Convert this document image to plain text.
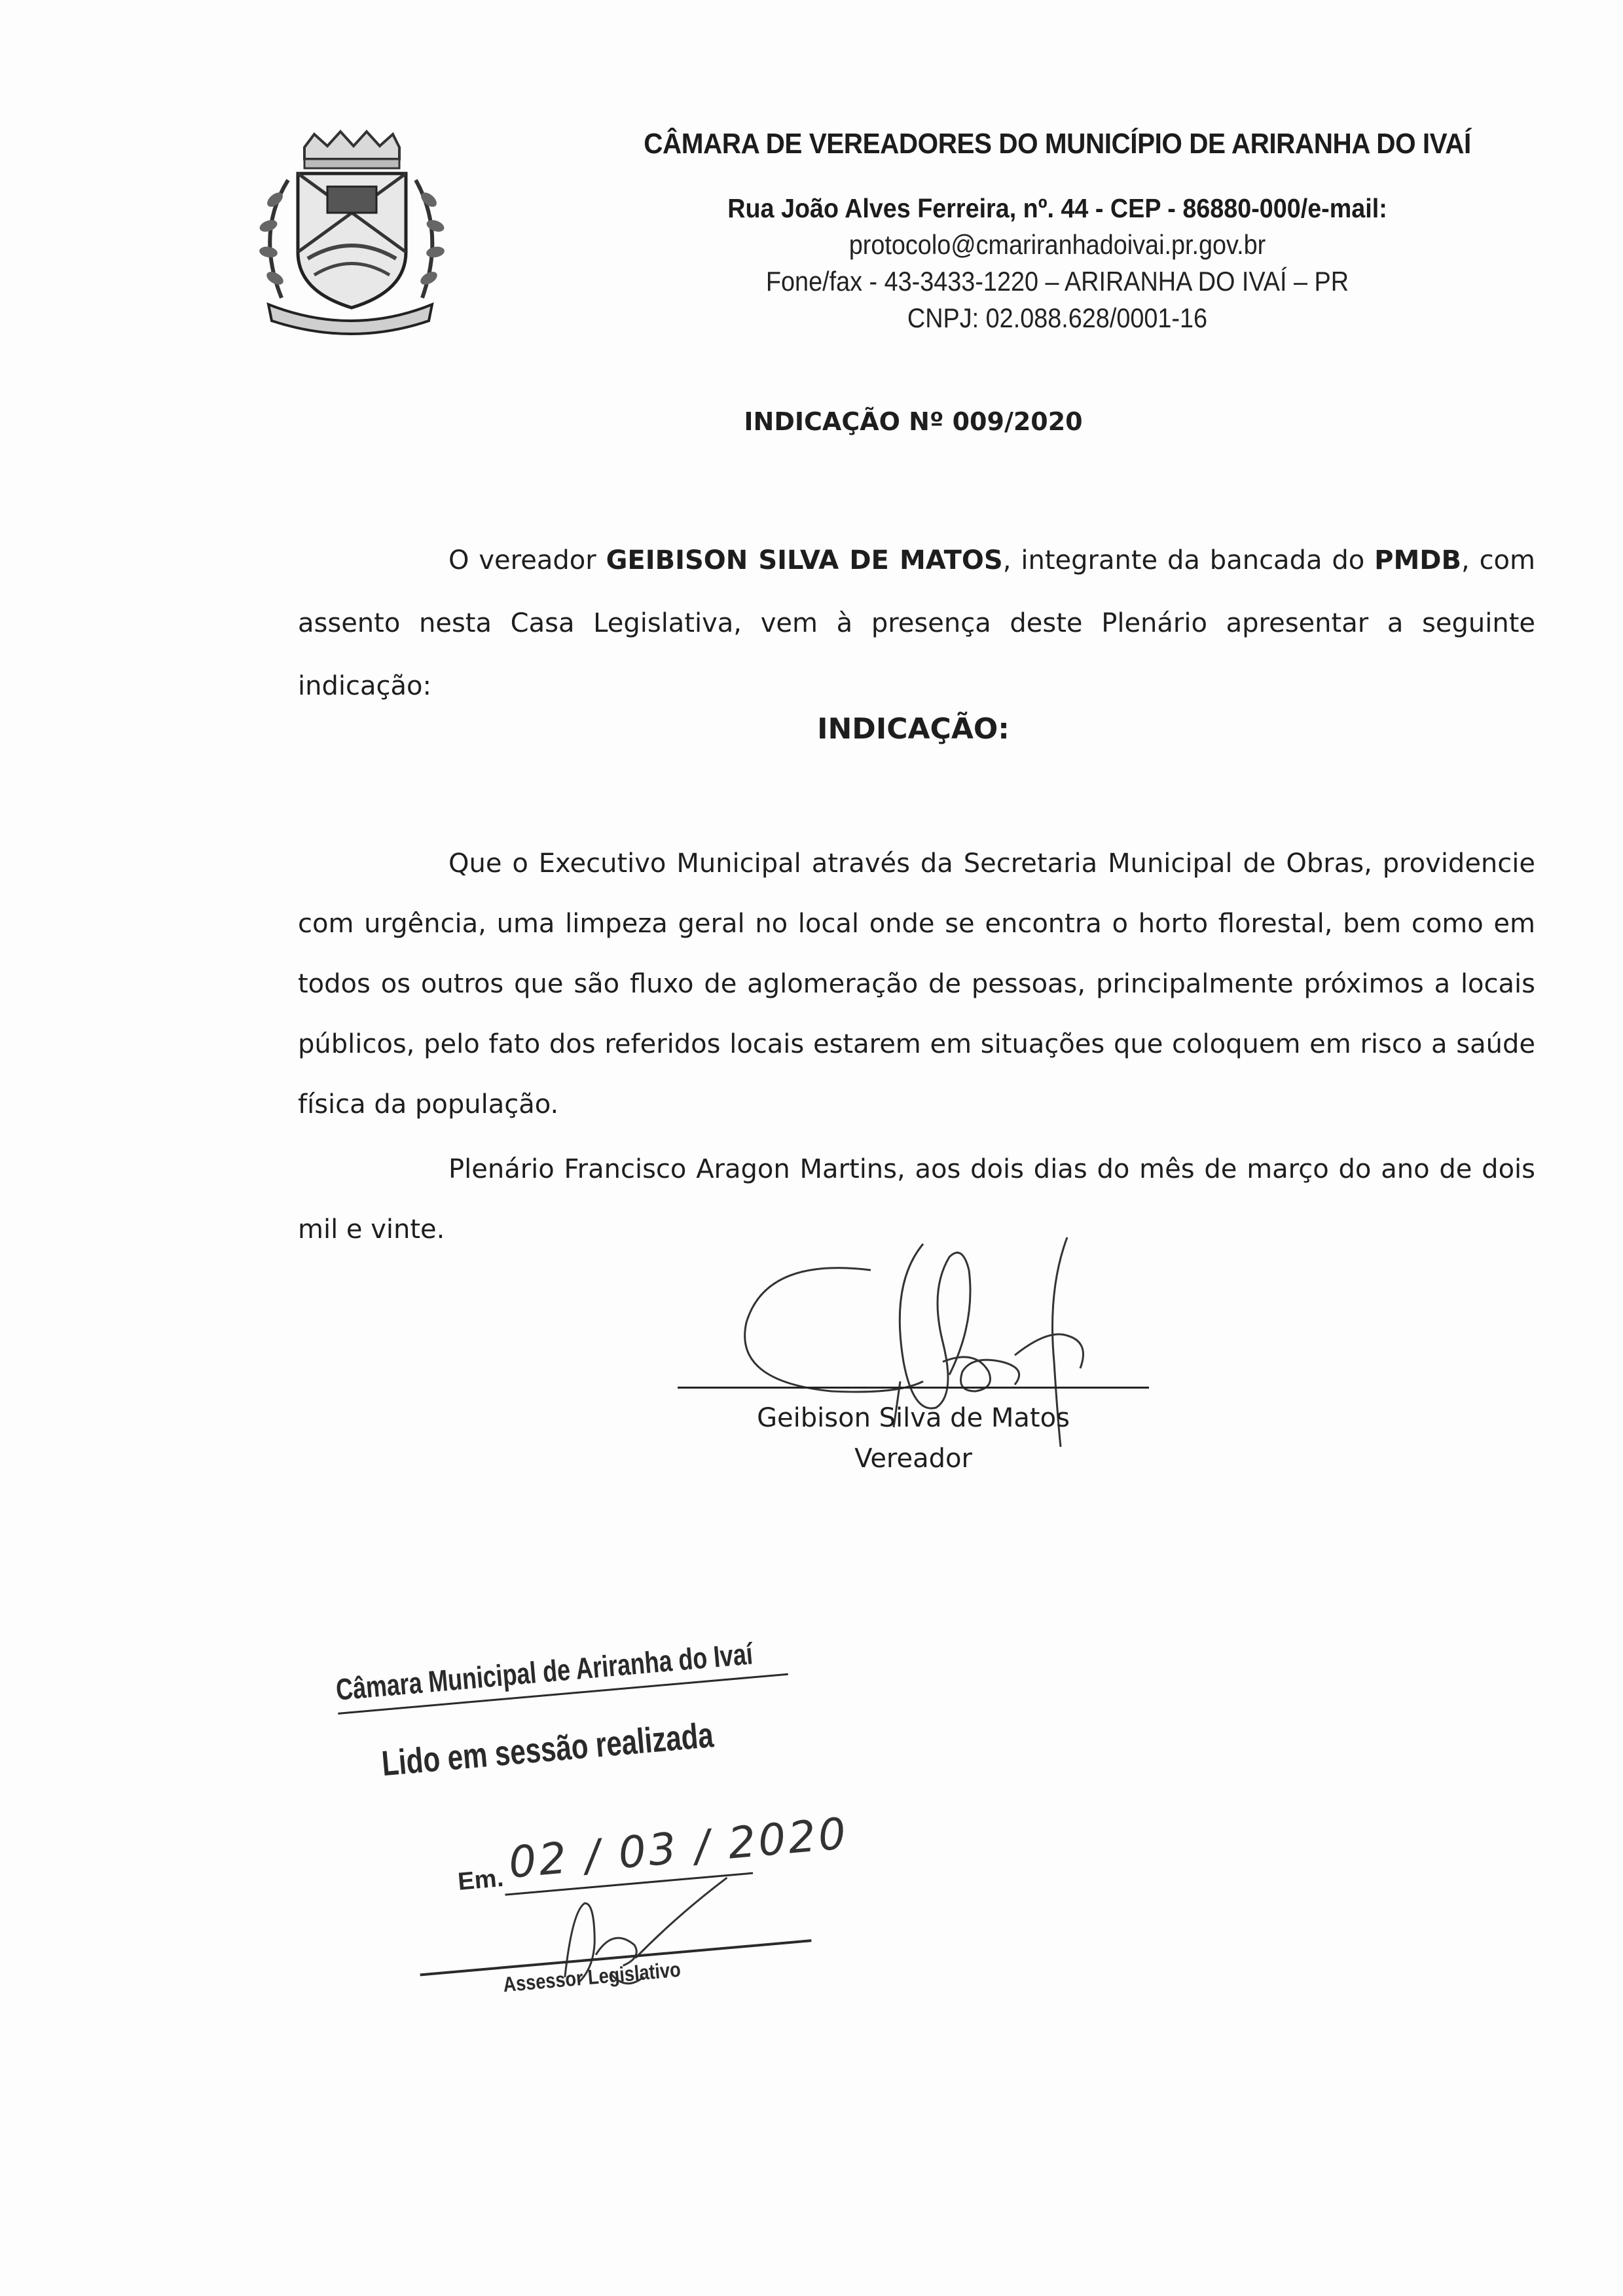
CÂMARA DE VEREADORES DO MUNICÍPIO DE ARIRANHA DO IVAÍ
Rua João Alves Ferreira, nº. 44 - CEP - 86880-000/e-mail:
protocolo@cmariranhadoivai.pr.gov.br
Fone/fax - 43-3433-1220 – ARIRANHA DO IVAÍ – PR
CNPJ: 02.088.628/0001-16
INDICAÇÃO Nº 009/2020
O vereador GEIBISON SILVA DE MATOS, integrante da bancada do PMDB, com assento nesta Casa Legislativa, vem à presença deste Plenário apresentar a seguinte indicação:
INDICAÇÃO:
Que o Executivo Municipal através da Secretaria Municipal de Obras, providencie com urgência, uma limpeza geral no local onde se encontra o horto florestal, bem como em todos os outros que são fluxo de aglomeração de pessoas, principalmente próximos a locais públicos, pelo fato dos referidos locais estarem em situações que coloquem em risco a saúde física da população.
Plenário Francisco Aragon Martins, aos dois dias do mês de março do ano de dois mil e vinte.
Geibison Silva de Matos
Vereador
Câmara Municipal de Ariranha do Ivaí
Lido em sessão realizada
Em. 02 / 03 / 2020
Assessor Legislativo
